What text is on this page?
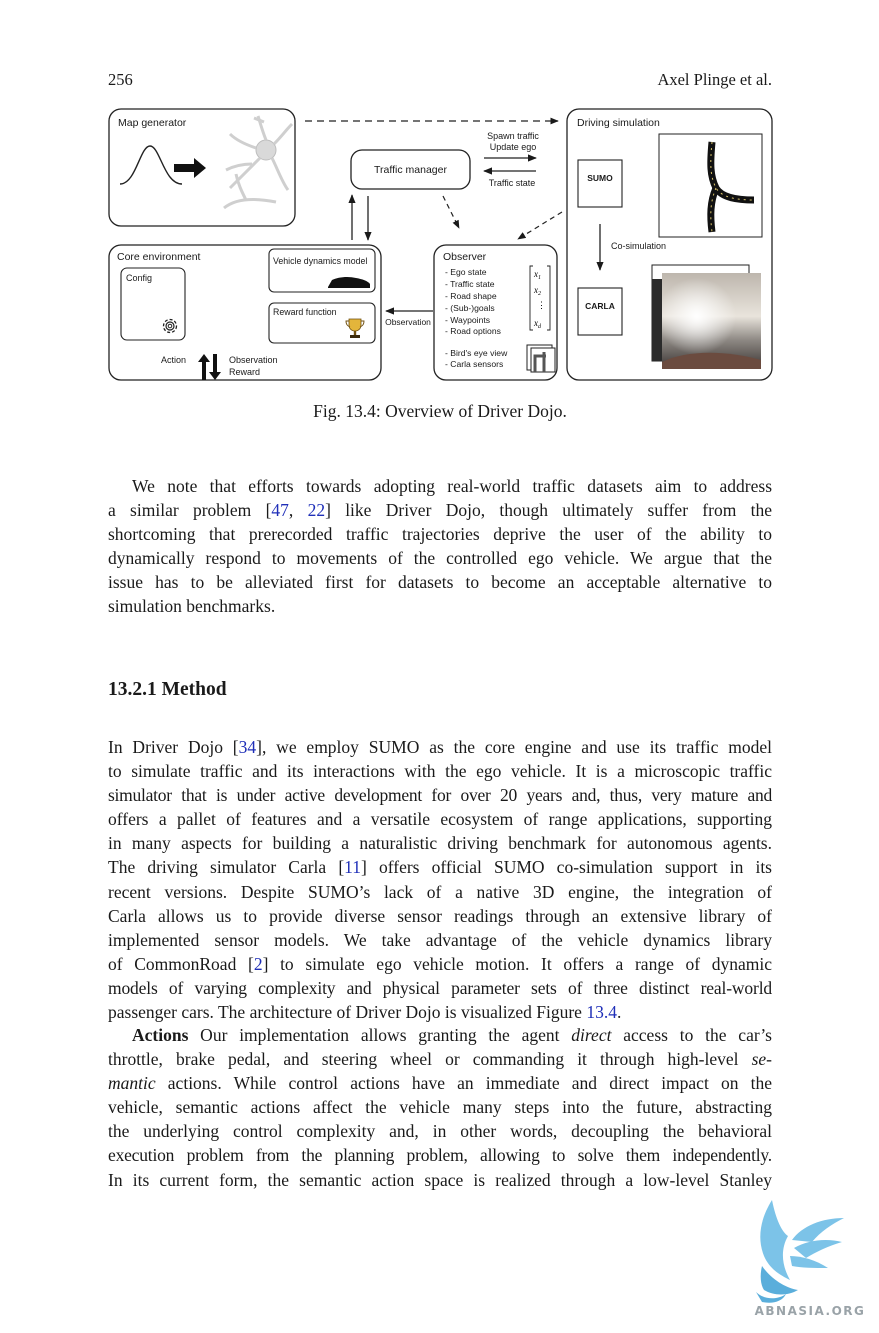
256	Axel Plinge et al.
Map generator
Traffic manager
Spawn traffic
Update ego
Traffic state
Driving simulation
SUMO
Co-simulation
CARLA
Core environment
Config
Vehicle dynamics model
Reward function
Action	Observation
Reward
Observation
Observer
- Ego state
- Traffic state
- Road shape
- (Sub-)goals
- Waypoints
- Road options
$x_1$
$x_2$
⋮
$x_d$
- Bird's eye view
- Carla sensors
Fig. 13.4: Overview of Driver Dojo.
We note that efforts towards adopting real-world traffic datasets aim to address
a similar problem [47, 22] like Driver Dojo, though ultimately suffer from the
shortcoming that prerecorded traffic trajectories deprive the user of the ability to
dynamically respond to movements of the controlled ego vehicle. We argue that the
issue has to be alleviated first for datasets to become an acceptable alternative to
simulation benchmarks.
13.2.1 Method
In Driver Dojo [34], we employ SUMO as the core engine and use its traffic model
to simulate traffic and its interactions with the ego vehicle. It is a microscopic traffic
simulator that is under active development for over 20 years and, thus, very mature and
offers a pallet of features and a versatile ecosystem of range applications, supporting
in many aspects for building a naturalistic driving benchmark for autonomous agents.
The driving simulator Carla [11] offers official SUMO co-simulation support in its
recent versions. Despite SUMO’s lack of a native 3D engine, the integration of
Carla allows us to provide diverse sensor readings through an extensive library of
implemented sensor models. We take advantage of the vehicle dynamics library
of CommonRoad [2] to simulate ego vehicle motion. It offers a range of dynamic
models of varying complexity and physical parameter sets of three distinct real-world
passenger cars. The architecture of Driver Dojo is visualized Figure 13.4.
Actions Our implementation allows granting the agent direct access to the car’s
throttle, brake pedal, and steering wheel or commanding it through high-level se-
mantic actions. While control actions have an immediate and direct impact on the
vehicle, semantic actions affect the vehicle many steps into the future, abstracting
the underlying control complexity and, in other words, decoupling the behavioral
execution problem from the planning problem, allowing to solve them independently.
In its current form, the semantic action space is realized through a low-level Stanley
ABNASIA.ORG
